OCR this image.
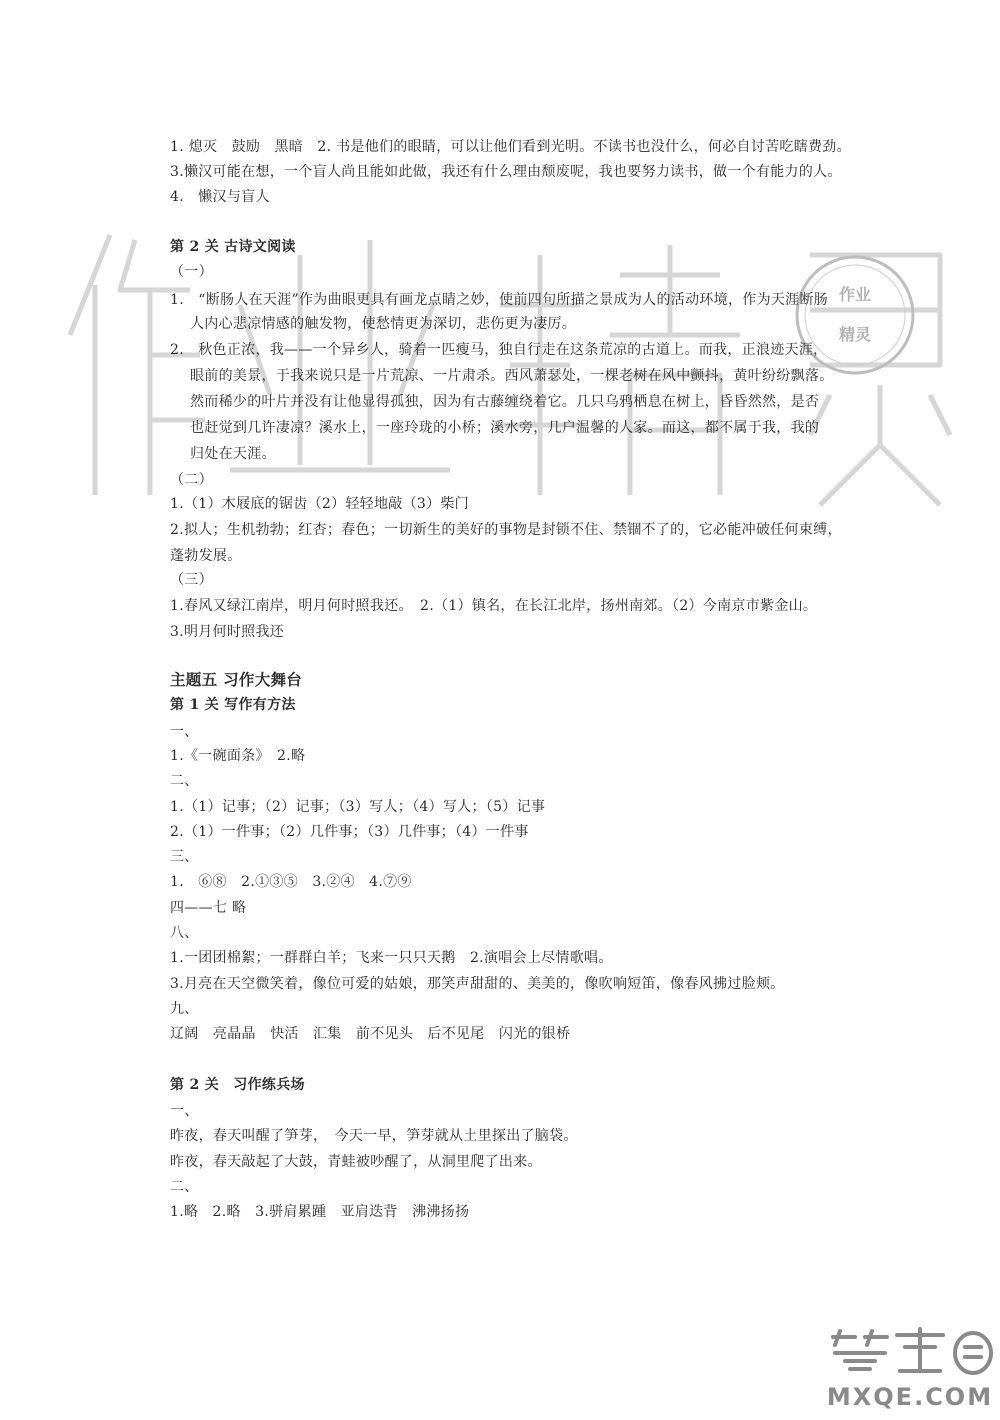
作业精灵
作业
精灵
1. 熄灭　鼓励　黑暗　2. 书是他们的眼睛，可以让他们看到光明。不读书也没什么，何必自讨苦吃瞎费劲。
3.懒汉可能在想，一个盲人尚且能如此做，我还有什么理由颓废呢，我也要努力读书，做一个有能力的人。
4.　懒汉与盲人
第 2 关 古诗文阅读
（一）
1.　“断肠人在天涯”作为曲眼更具有画龙点睛之妙，使前四句所描之景成为人的活动环境，作为天涯断肠
人内心悲凉情感的触发物，使愁情更为深切，悲伤更为凄厉。
2.　秋色正浓，我——一个异乡人，骑着一匹瘦马，独自行走在这条荒凉的古道上。而我，正浪迹天涯，
眼前的美景，于我来说只是一片荒凉、一片肃杀。西风萧瑟处，一棵老树在风中颤抖，黄叶纷纷飘落。
然而稀少的叶片并没有让他显得孤独，因为有古藤缠绕着它。几只乌鸦栖息在树上，昏昏然然，是否
也赶觉到几许凄凉？溪水上，一座玲珑的小桥；溪水旁，几户温馨的人家。而这，都不属于我，我的
归处在天涯。
（二）
1.（1）木屐底的锯齿（2）轻轻地敲（3）柴门
2.拟人；生机勃勃；红杏；春色；一切新生的美好的事物是封锁不住、禁锢不了的，它必能冲破任何束缚，
蓬勃发展。
（三）
1.春风又绿江南岸，明月何时照我还。　2.（1）镇名，在长江北岸，扬州南郊。（2）今南京市紫金山。
3.明月何时照我还
主题五 习作大舞台
第 1 关 写作有方法
一、
1.《一碗面条》　2.略
二、
1.（1）记事；（2）记事；（3）写人；（4）写人；（5）记事
2.（1）一件事；（2）几件事；（3）几件事；（4）一件事
三、
1.　⑥⑧　2.①③⑤　3.②④　4.⑦⑨
四——七 略
八、
1.一团团棉絮；一群群白羊；飞来一只只天鹅　2.演唱会上尽情歌唱。
3.月亮在天空微笑着，像位可爱的姑娘，那笑声甜甜的、美美的，像吹响短笛，像春风拂过脸颊。
九、
辽阔　亮晶晶　快活　汇集　前不见头　后不见尾　闪光的银桥
第 2 关　习作练兵场
一、
昨夜，春天叫醒了笋芽，　今天一早，笋芽就从土里探出了脑袋。
昨夜，春天敲起了大鼓，青蛙被吵醒了，从洞里爬了出来。
二、
1.略　2.略　3.骈肩累踵　亚肩迭背　沸沸扬扬
MXQE.COM
